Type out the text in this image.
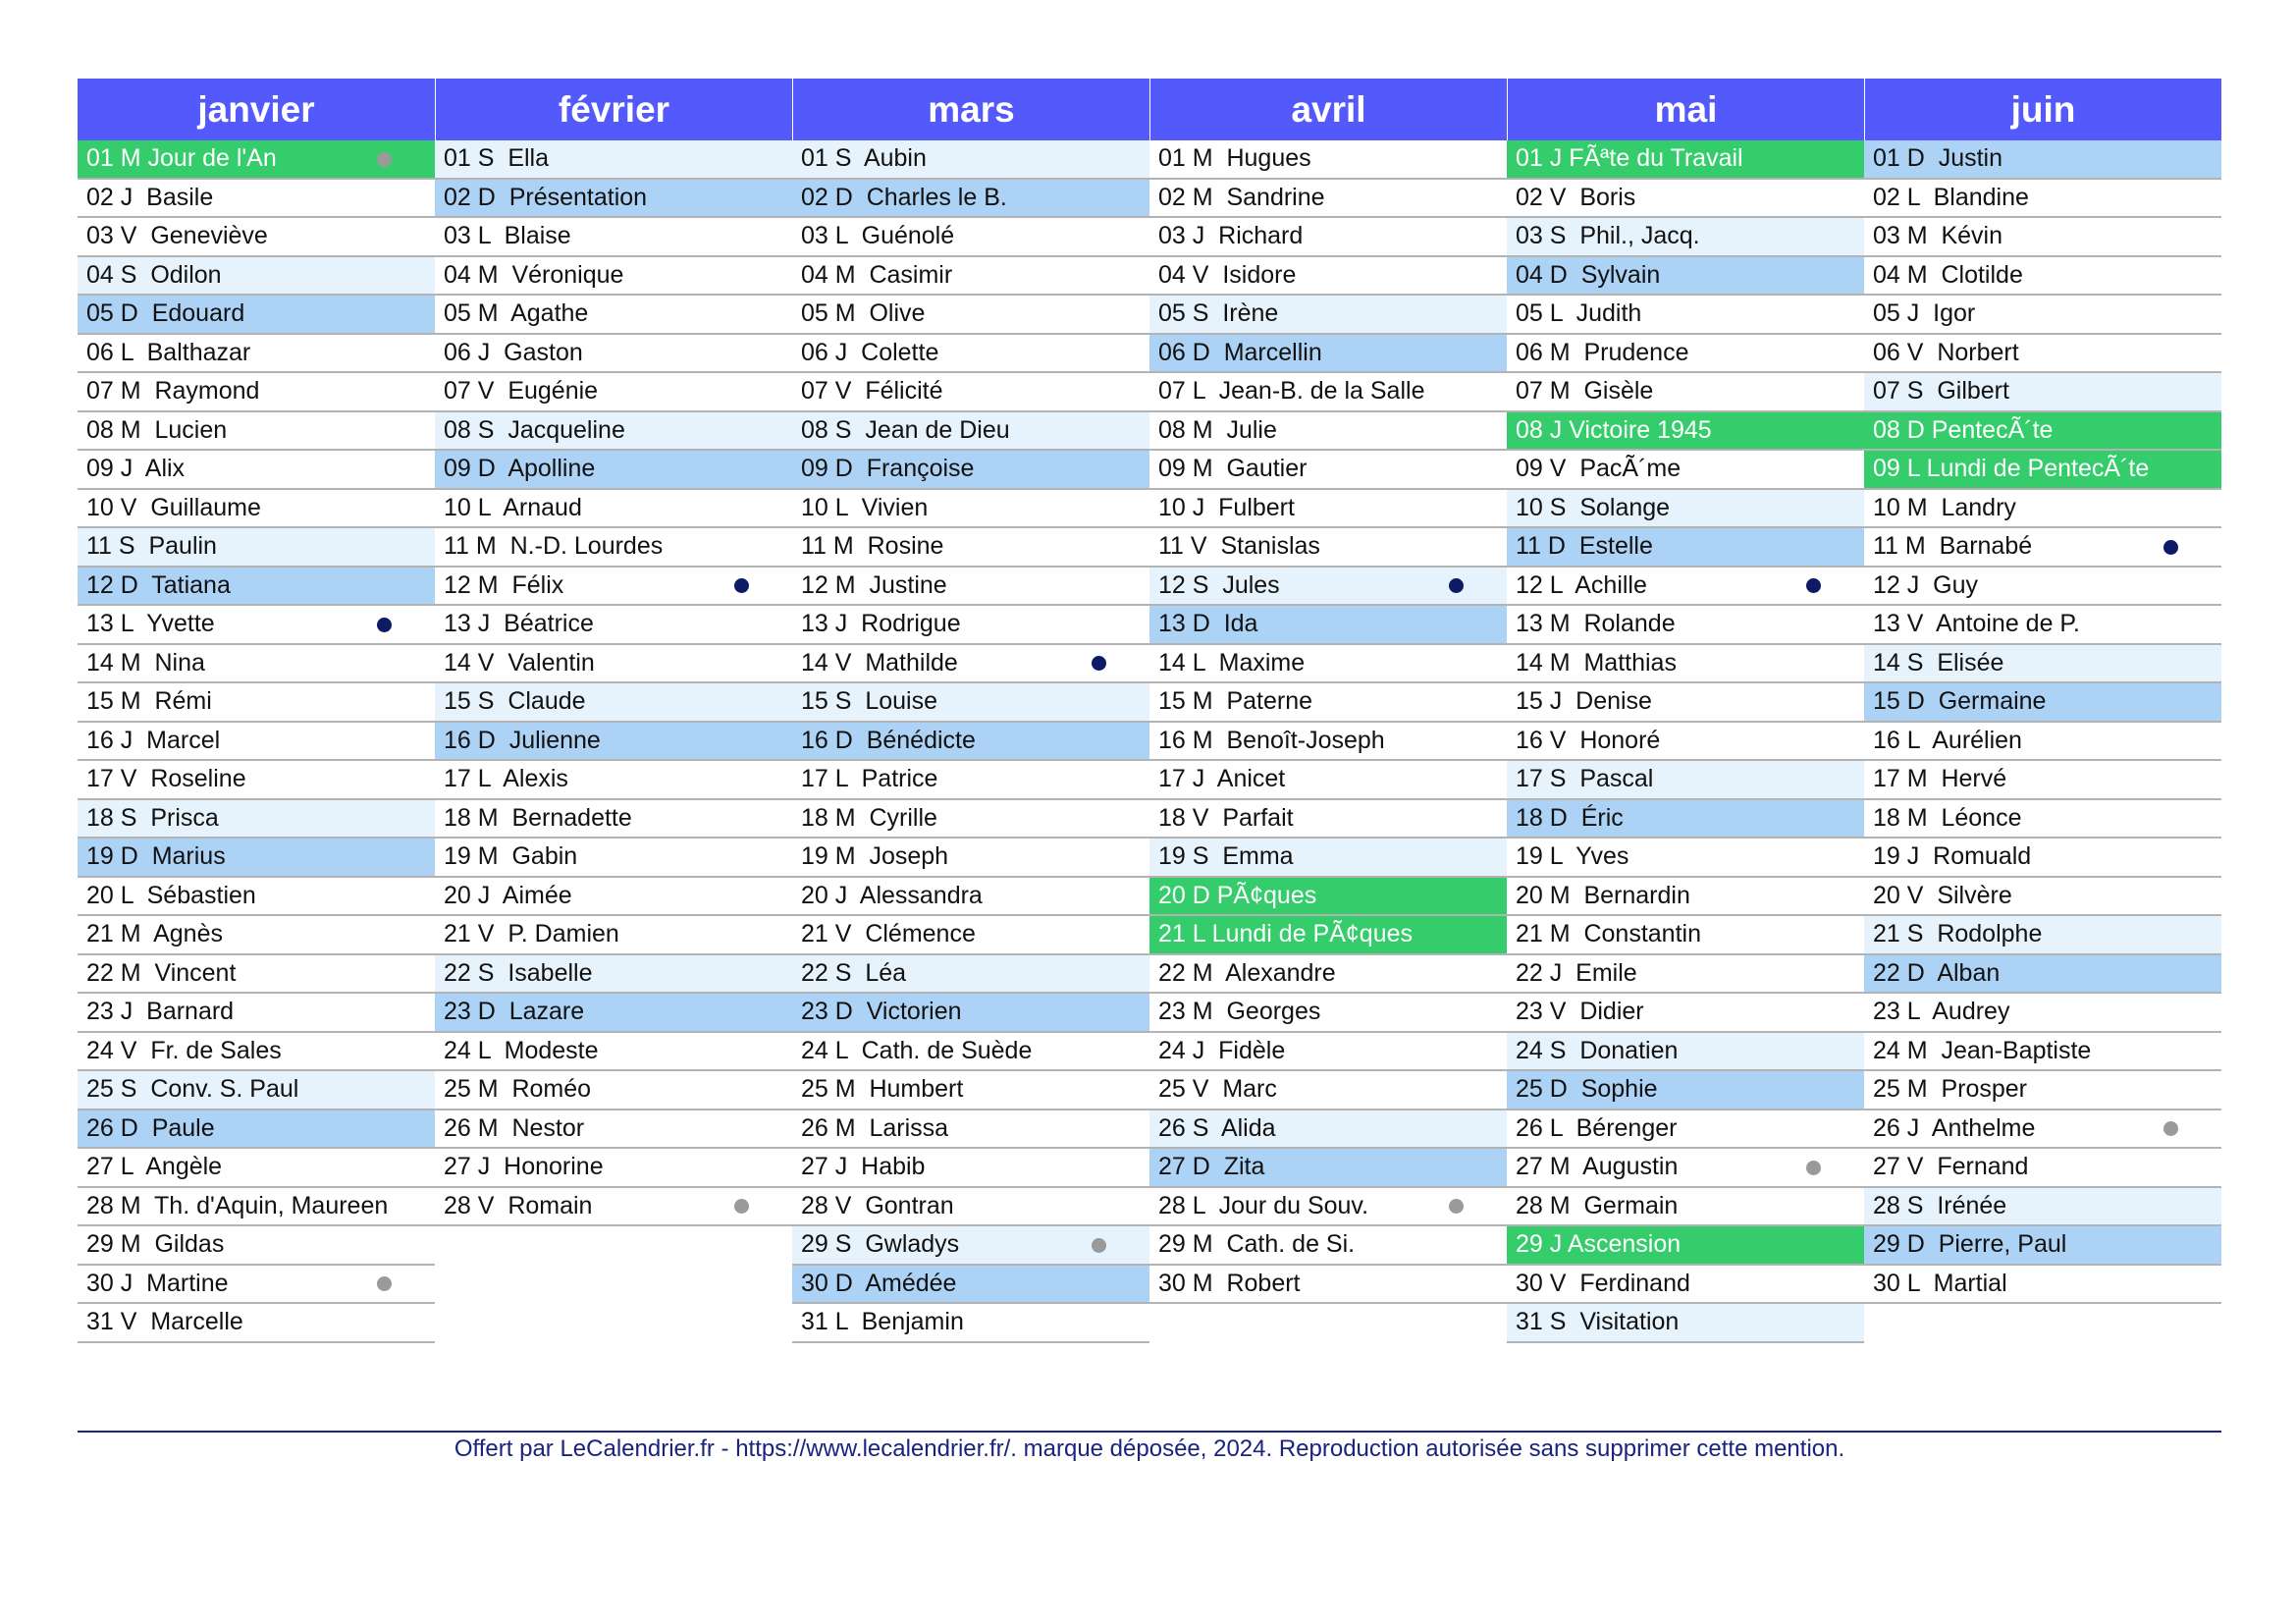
janvier
01 M Jour de l'An
02 J  Basile
03 V  Geneviève
04 S  Odilon
05 D  Edouard
06 L  Balthazar
07 M  Raymond
08 M  Lucien
09 J  Alix
10 V  Guillaume
11 S  Paulin
12 D  Tatiana
13 L  Yvette
14 M  Nina
15 M  Rémi
16 J  Marcel
17 V  Roseline
18 S  Prisca
19 D  Marius
20 L  Sébastien
21 M  Agnès
22 M  Vincent
23 J  Barnard
24 V  Fr. de Sales
25 S  Conv. S. Paul
26 D  Paule
27 L  Angèle
28 M  Th. d'Aquin, Maureen
29 M  Gildas
30 J  Martine
31 V  Marcelle
février
01 S  Ella
02 D  Présentation
03 L  Blaise
04 M  Véronique
05 M  Agathe
06 J  Gaston
07 V  Eugénie
08 S  Jacqueline
09 D  Apolline
10 L  Arnaud
11 M  N.-D. Lourdes
12 M  Félix
13 J  Béatrice
14 V  Valentin
15 S  Claude
16 D  Julienne
17 L  Alexis
18 M  Bernadette
19 M  Gabin
20 J  Aimée
21 V  P. Damien
22 S  Isabelle
23 D  Lazare
24 L  Modeste
25 M  Roméo
26 M  Nestor
27 J  Honorine
28 V  Romain
mars
01 S  Aubin
02 D  Charles le B.
03 L  Guénolé
04 M  Casimir
05 M  Olive
06 J  Colette
07 V  Félicité
08 S  Jean de Dieu
09 D  Françoise
10 L  Vivien
11 M  Rosine
12 M  Justine
13 J  Rodrigue
14 V  Mathilde
15 S  Louise
16 D  Bénédicte
17 L  Patrice
18 M  Cyrille
19 M  Joseph
20 J  Alessandra
21 V  Clémence
22 S  Léa
23 D  Victorien
24 L  Cath. de Suède
25 M  Humbert
26 M  Larissa
27 J  Habib
28 V  Gontran
29 S  Gwladys
30 D  Amédée
31 L  Benjamin
avril
01 M  Hugues
02 M  Sandrine
03 J  Richard
04 V  Isidore
05 S  Irène
06 D  Marcellin
07 L  Jean-B. de la Salle
08 M  Julie
09 M  Gautier
10 J  Fulbert
11 V  Stanislas
12 S  Jules
13 D  Ida
14 L  Maxime
15 M  Paterne
16 M  Benoît-Joseph
17 J  Anicet
18 V  Parfait
19 S  Emma
20 D PÃ¢ques
21 L Lundi de PÃ¢ques
22 M  Alexandre
23 M  Georges
24 J  Fidèle
25 V  Marc
26 S  Alida
27 D  Zita
28 L  Jour du Souv.
29 M  Cath. de Si.
30 M  Robert
mai
01 J FÃªte du Travail
02 V  Boris
03 S  Phil., Jacq.
04 D  Sylvain
05 L  Judith
06 M  Prudence
07 M  Gisèle
08 J Victoire 1945
09 V  PacÃ´me
10 S  Solange
11 D  Estelle
12 L  Achille
13 M  Rolande
14 M  Matthias
15 J  Denise
16 V  Honoré
17 S  Pascal
18 D  Éric
19 L  Yves
20 M  Bernardin
21 M  Constantin
22 J  Emile
23 V  Didier
24 S  Donatien
25 D  Sophie
26 L  Bérenger
27 M  Augustin
28 M  Germain
29 J Ascension
30 V  Ferdinand
31 S  Visitation
juin
01 D  Justin
02 L  Blandine
03 M  Kévin
04 M  Clotilde
05 J  Igor
06 V  Norbert
07 S  Gilbert
08 D PentecÃ´te
09 L Lundi de PentecÃ´te
10 M  Landry
11 M  Barnabé
12 J  Guy
13 V  Antoine de P.
14 S  Elisée
15 D  Germaine
16 L  Aurélien
17 M  Hervé
18 M  Léonce
19 J  Romuald
20 V  Silvère
21 S  Rodolphe
22 D  Alban
23 L  Audrey
24 M  Jean-Baptiste
25 M  Prosper
26 J  Anthelme
27 V  Fernand
28 S  Irénée
29 D  Pierre, Paul
30 L  Martial
Offert par LeCalendrier.fr - https://www.lecalendrier.fr/. marque déposée, 2024. Reproduction autorisée sans supprimer cette mention.
